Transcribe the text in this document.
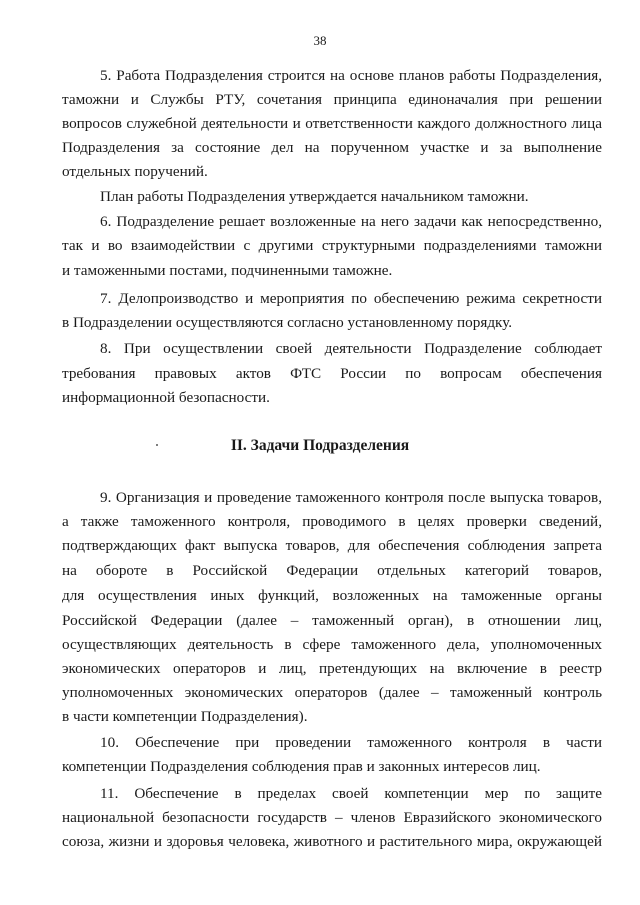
38
5. Работа Подразделения строится на основе планов работы Подразделения,
таможни и Службы РТУ, сочетания принципа единоначалия при решении
вопросов служебной деятельности и ответственности каждого должностного лица
Подразделения за состояние дел на порученном участке и за выполнение
отдельных поручений.
План работы Подразделения утверждается начальником таможни.
6. Подразделение решает возложенные на него задачи как непосредственно,
так и во взаимодействии с другими структурными подразделениями таможни
и таможенными постами, подчиненными таможне.
7. Делопроизводство и мероприятия по обеспечению режима секретности
в Подразделении осуществляются согласно установленному порядку.
8. При осуществлении своей деятельности Подразделение соблюдает
требования правовых актов ФТС России по вопросам обеспечения
информационной безопасности.
II. Задачи Подразделения
9. Организация и проведение таможенного контроля после выпуска товаров,
а также таможенного контроля, проводимого в целях проверки сведений,
подтверждающих факт выпуска товаров, для обеспечения соблюдения запрета
на обороте в Российской Федерации отдельных категорий товаров,
для осуществления иных функций, возложенных на таможенные органы
Российской Федерации (далее – таможенный орган), в отношении лиц,
осуществляющих деятельность в сфере таможенного дела, уполномоченных
экономических операторов и лиц, претендующих на включение в реестр
уполномоченных экономических операторов (далее – таможенный контроль
в части компетенции Подразделения).
10. Обеспечение при проведении таможенного контроля в части
компетенции Подразделения соблюдения прав и законных интересов лиц.
11. Обеспечение в пределах своей компетенции мер по защите
национальной безопасности государств – членов Евразийского экономического
союза, жизни и здоровья человека, животного и растительного мира, окружающей
